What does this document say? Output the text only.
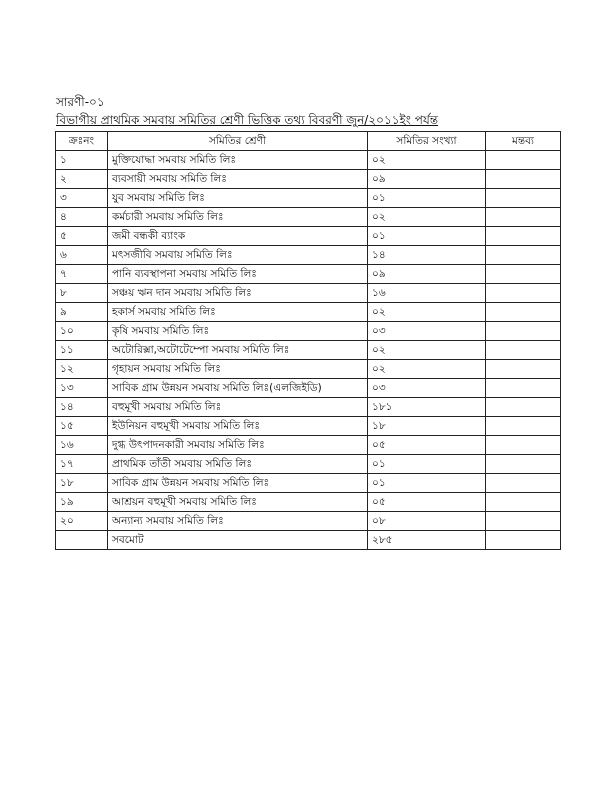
সারণী-০১
বিভাগীয় প্রাথমিক সমবায় সমিতির শ্রেণী ভিত্তিক তথ্য বিবরণী জুন/২০১১ইং পর্যন্ত
ক্রঃনং	সমিতির শ্রেণী	সমিতির সংখ্যা	মন্তব্য
১	মুক্তিযোদ্ধা সমবায় সমিতি লিঃ	০২	
২	ব্যবসায়ী সমবায় সমিতি লিঃ	০৯	
৩	যুব সমবায় সমিতি লিঃ	০১	
৪	কর্মচারী সমবায় সমিতি লিঃ	০২	
৫	জমী বন্ধকী ব্যাংক	০১	
৬	মৎসজীবি সমবায় সমিতি লিঃ	১৪	
৭	পানি ব্যবস্থাপনা সমবায় সমিতি লিঃ	০৯	
৮	সঞ্চয় ঋন দান সমবায় সমিতি লিঃ	১৬	
৯	হকার্স সমবায় সমিতি লিঃ	০২	
১০	কৃষি সমবায় সমিতি লিঃ	০৩	
১১	অটোরিক্সা,অটোটেম্পো সমবায় সমিতি লিঃ	০২	
১২	গৃহায়ন সমবায় সমিতি লিঃ	০২	
১৩	সাবিক গ্রাম উন্নয়ন সমবায় সমিতি লিঃ(এলজিইডি)	০৩	
১৪	বহুমূখী সমবায় সমিতি লিঃ	১৮১	
১৫	ইউনিয়ন বহুমূখী সমবায় সমিতি লিঃ	১৮	
১৬	দুগ্ধ উৎপাদনকারী সমবায় সমিতি লিঃ	০৫	
১৭	প্রাথমিক তাঁতী সমবায় সমিতি লিঃ	০১	
১৮	সাবিক গ্রাম উন্নয়ন সমবায় সমিতি লিঃ	০১	
১৯	আশ্রয়ন বহুমূখী সমবায় সমিতি লিঃ	০৫	
২০	অন্যান্য সমবায় সমিতি লিঃ	০৮	
	সবমোট	২৮৫	
